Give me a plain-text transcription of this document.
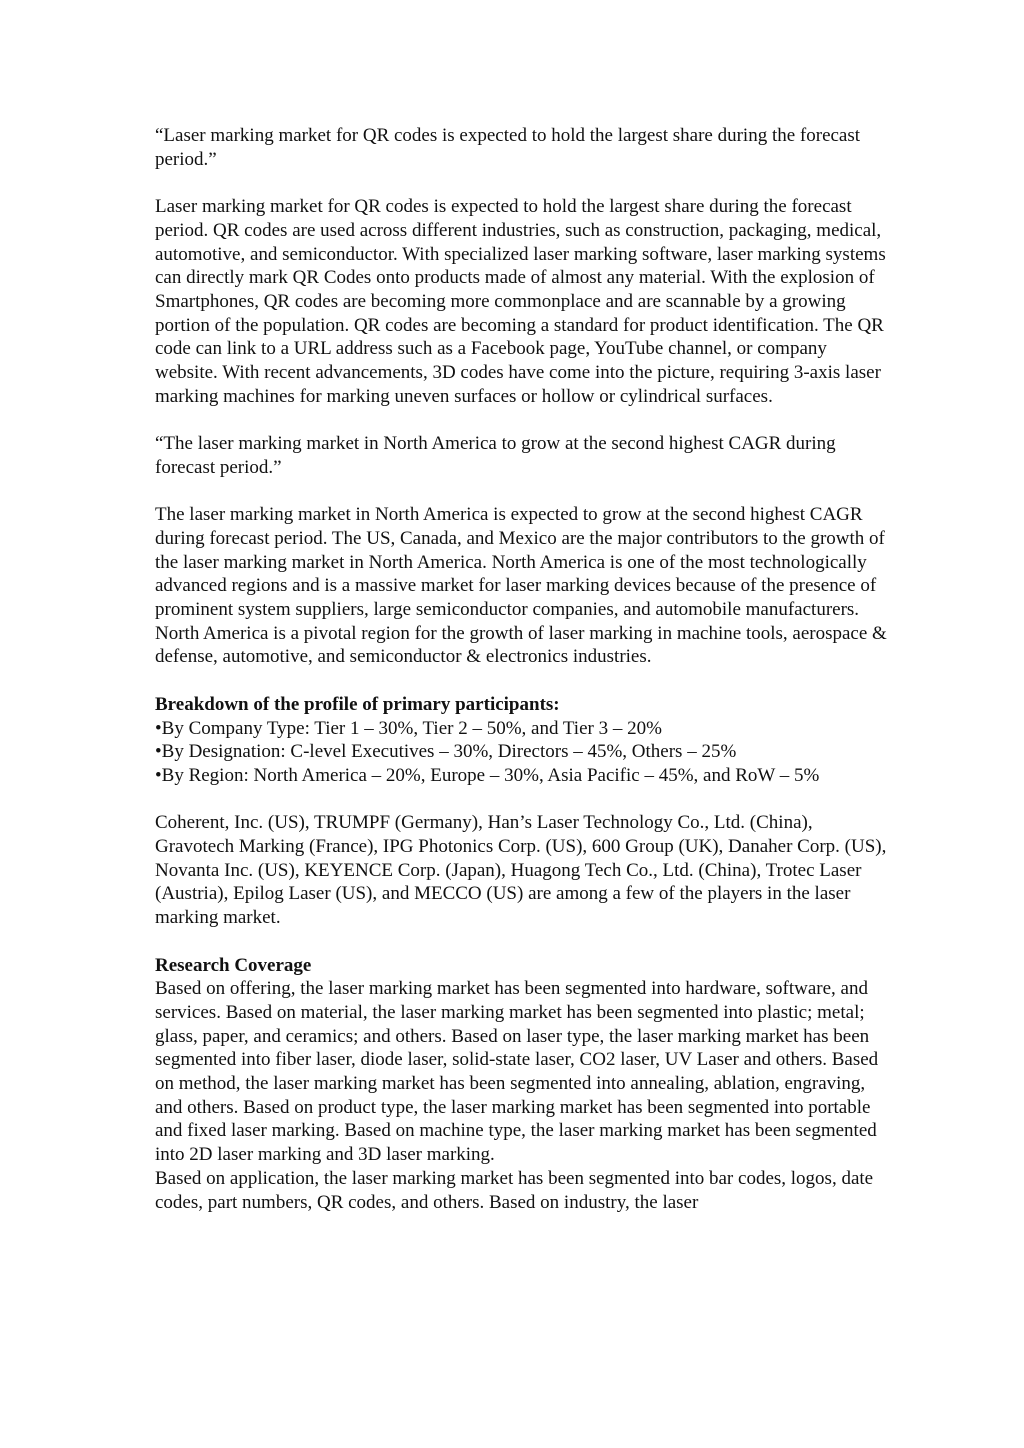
“Laser marking market for QR codes is expected to hold the largest share during the forecast period.”

Laser marking market for QR codes is expected to hold the largest share during the forecast period. QR codes are used across different industries, such as construction, packaging, medical, automotive, and semiconductor. With specialized laser marking software, laser marking systems can directly mark QR Codes onto products made of almost any material. With the explosion of Smartphones, QR codes are becoming more commonplace and are scannable by a growing portion of the population. QR codes are becoming a standard for product identification. The QR code can link to a URL address such as a Facebook page, YouTube channel, or company website. With recent advancements, 3D codes have come into the picture, requiring 3-axis laser marking machines for marking uneven surfaces or hollow or cylindrical surfaces.

“The laser marking market in North America to grow at the second highest CAGR during forecast period.”

The laser marking market in North America is expected to grow at the second highest CAGR during forecast period. The US, Canada, and Mexico are the major contributors to the growth of the laser marking market in North America. North America is one of the most technologically advanced regions and is a massive market for laser marking devices because of the presence of prominent system suppliers, large semiconductor companies, and automobile manufacturers. North America is a pivotal region for the growth of laser marking in machine tools, aerospace & defense, automotive, and semiconductor & electronics industries.

Breakdown of the profile of primary participants:

•By Company Type: Tier 1 – 30%, Tier 2 – 50%, and Tier 3 – 20%

•By Designation: C-level Executives – 30%, Directors – 45%, Others – 25%

•By Region: North America – 20%, Europe – 30%, Asia Pacific – 45%, and RoW – 5%

Coherent, Inc. (US), TRUMPF (Germany), Han’s Laser Technology Co., Ltd. (China), Gravotech Marking (France), IPG Photonics Corp. (US), 600 Group (UK), Danaher Corp. (US), Novanta Inc. (US), KEYENCE Corp. (Japan), Huagong Tech Co., Ltd. (China), Trotec Laser (Austria), Epilog Laser (US), and MECCO (US) are among a few of the players in the laser marking market.

Research Coverage

Based on offering, the laser marking market has been segmented into hardware, software, and services. Based on material, the laser marking market has been segmented into plastic; metal; glass, paper, and ceramics; and others. Based on laser type, the laser marking market has been segmented into fiber laser, diode laser, solid-state laser, CO2 laser, UV Laser and others. Based on method, the laser marking market has been segmented into annealing, ablation, engraving, and others. Based on product type, the laser marking market has been segmented into portable and fixed laser marking. Based on machine type, the laser marking market has been segmented into 2D laser marking and 3D laser marking.

Based on application, the laser marking market has been segmented into bar codes, logos, date codes, part numbers, QR codes, and others. Based on industry, the laser
